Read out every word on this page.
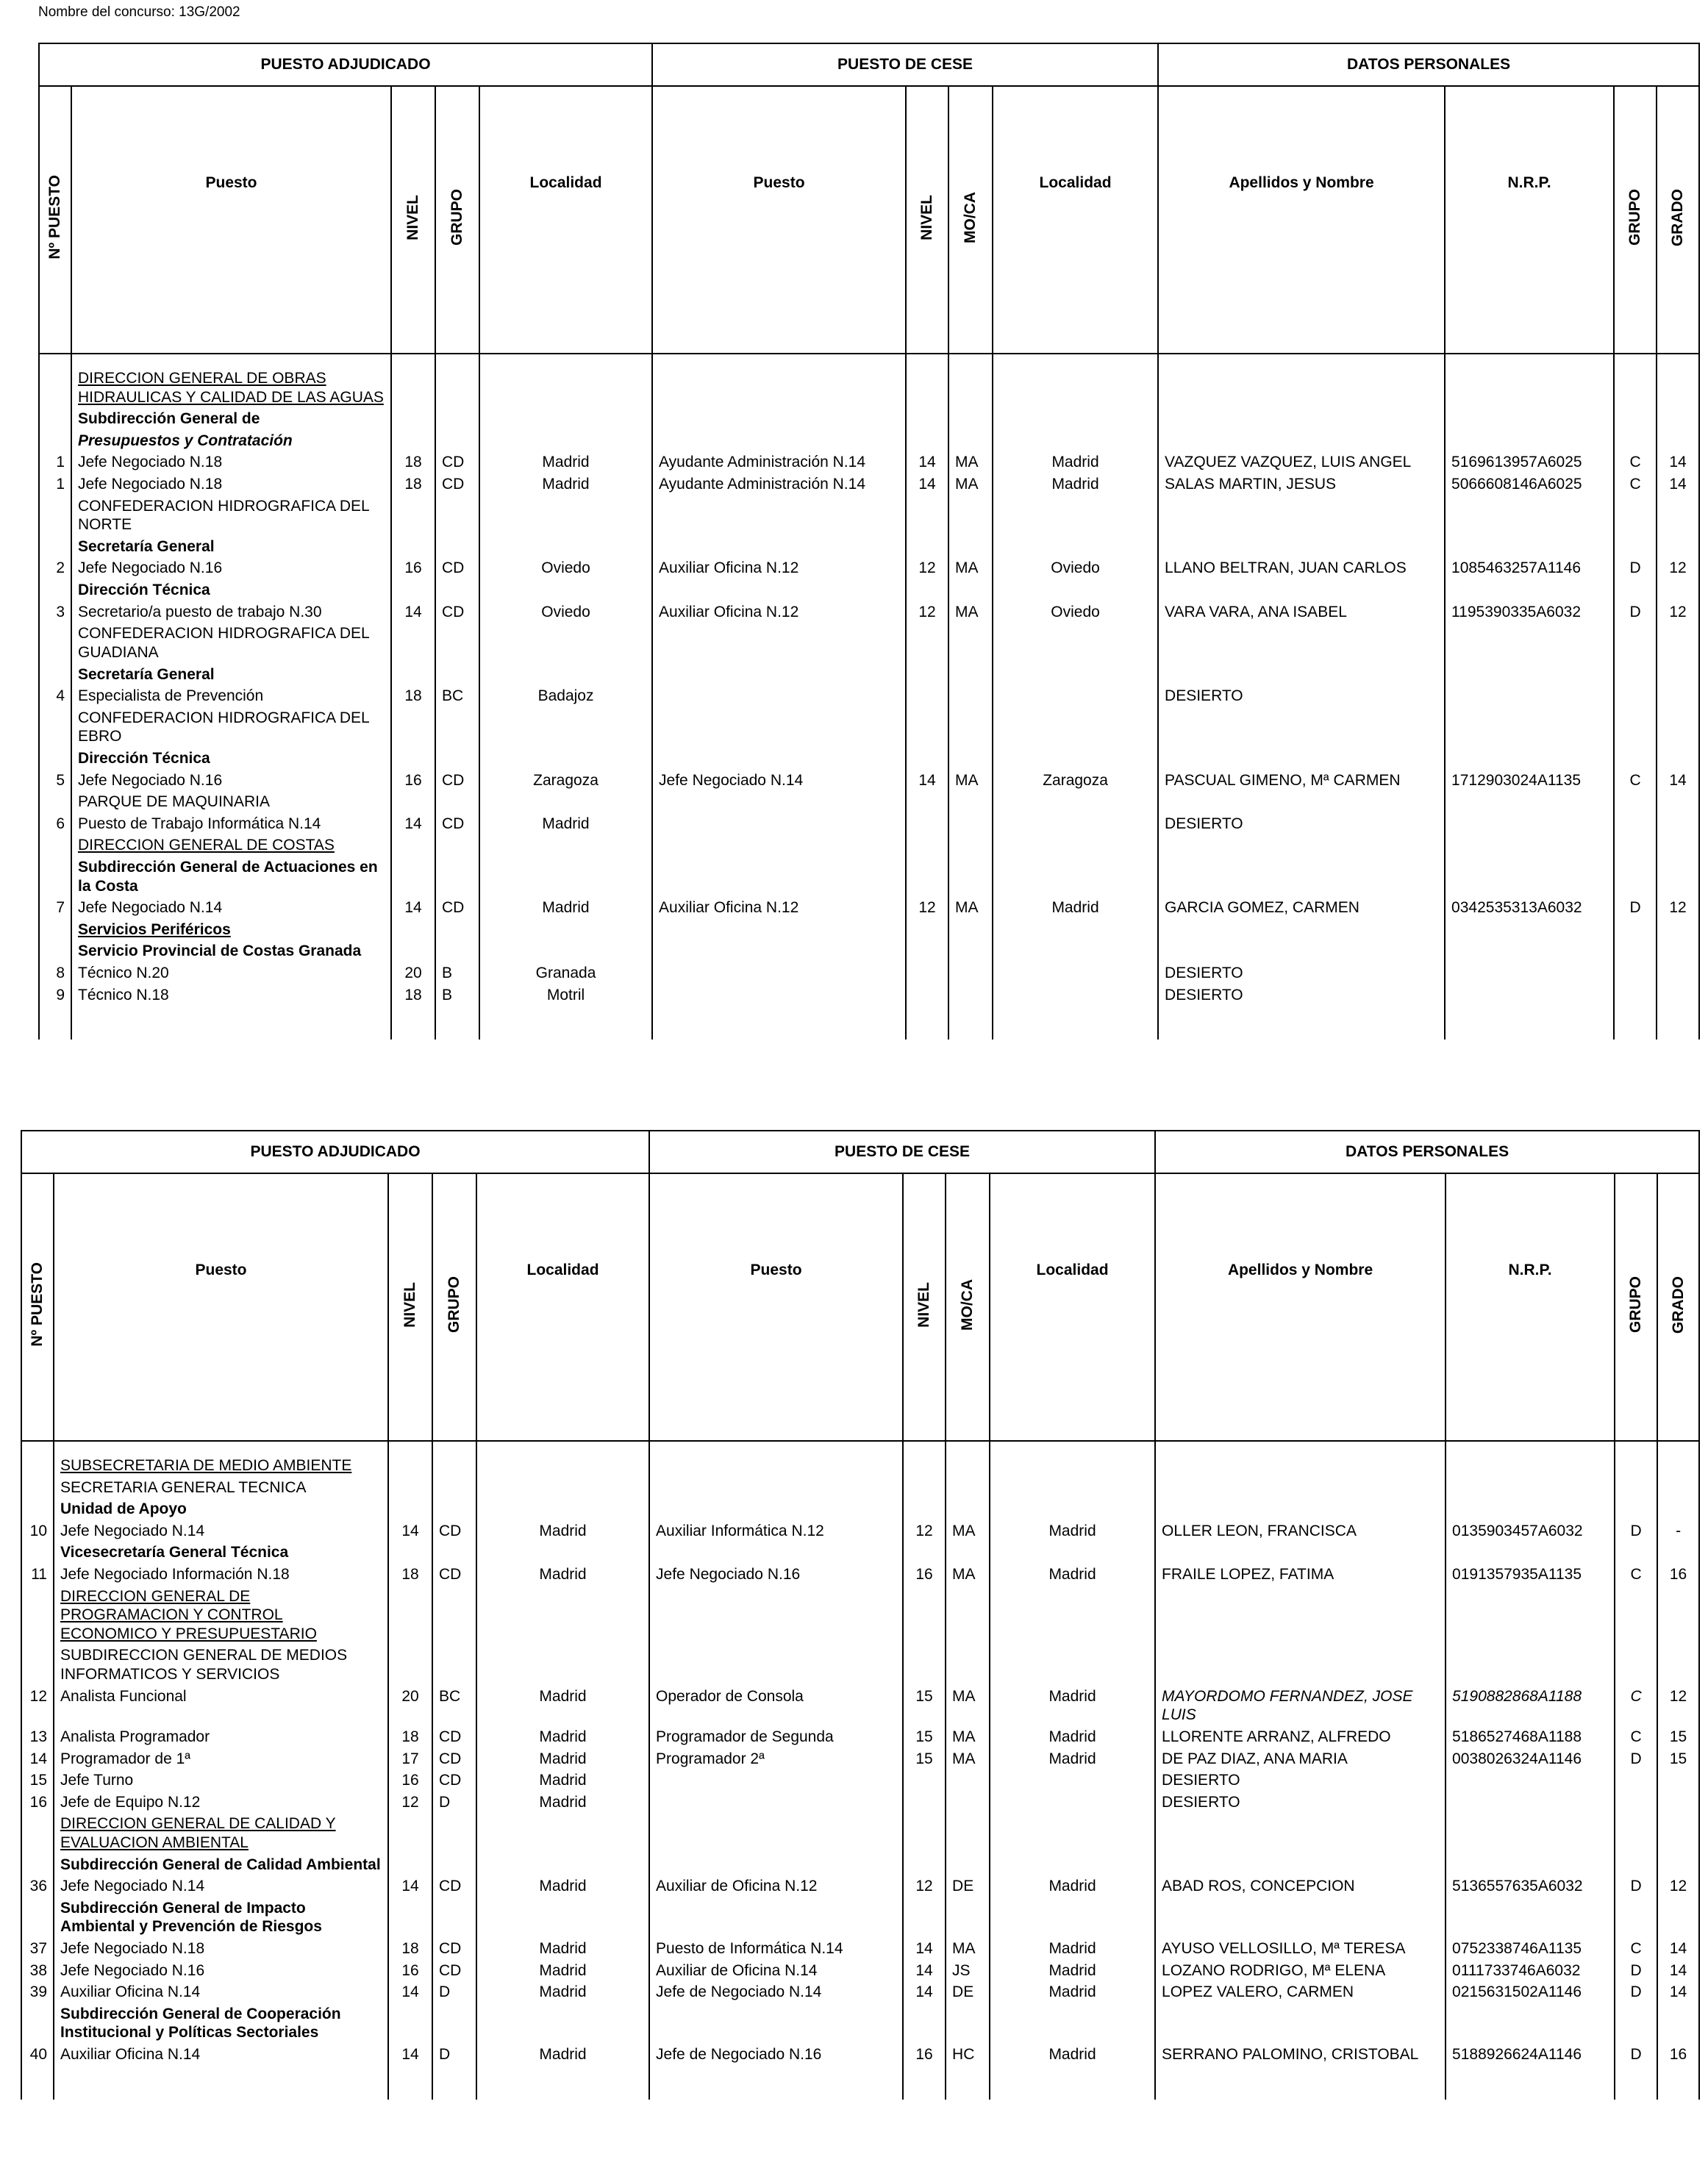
Nombre del concurso: 13G/2002
PUESTO ADJUDICADO					PUESTO DE CESE				DATOS PERSONALES			
Nº PUESTO	Puesto	NIVEL	GRUPO	Localidad	Puesto	NIVEL	MO/CA	Localidad	Apellidos y Nombre	N.R.P.	GRUPO	GRADO

	DIRECCION GENERAL DE OBRAS HIDRAULICAS Y CALIDAD DE LAS AGUAS											
	Subdirección General de											
	Presupuestos y Contratación											
1	Jefe Negociado N.18	18	CD	Madrid	Ayudante Administración N.14	14	MA	Madrid	VAZQUEZ VAZQUEZ, LUIS ANGEL	5169613957A6025	C	14
1	Jefe Negociado N.18	18	CD	Madrid	Ayudante Administración N.14	14	MA	Madrid	SALAS MARTIN, JESUS	5066608146A6025	C	14
	CONFEDERACION HIDROGRAFICA DEL NORTE											
	Secretaría General											
2	Jefe Negociado N.16	16	CD	Oviedo	Auxiliar Oficina N.12	12	MA	Oviedo	LLANO BELTRAN, JUAN CARLOS	1085463257A1146	D	12
	Dirección Técnica											
3	Secretario/a puesto de trabajo N.30	14	CD	Oviedo	Auxiliar Oficina N.12	12	MA	Oviedo	VARA VARA, ANA ISABEL	1195390335A6032	D	12
	CONFEDERACION HIDROGRAFICA DEL GUADIANA											
	Secretaría General											
4	Especialista de Prevención	18	BC	Badajoz					DESIERTO			
	CONFEDERACION HIDROGRAFICA DEL EBRO											
	Dirección Técnica											
5	Jefe Negociado N.16	16	CD	Zaragoza	Jefe Negociado N.14	14	MA	Zaragoza	PASCUAL GIMENO, Mª CARMEN	1712903024A1135	C	14
	PARQUE DE MAQUINARIA											
6	Puesto de Trabajo Informática N.14	14	CD	Madrid					DESIERTO			
	DIRECCION GENERAL DE COSTAS											
	Subdirección General de Actuaciones en la Costa											
7	Jefe Negociado N.14	14	CD	Madrid	Auxiliar Oficina N.12	12	MA	Madrid	GARCIA GOMEZ, CARMEN	0342535313A6032	D	12
	Servicios Periféricos											
	Servicio Provincial de Costas Granada											
8	Técnico N.20	20	B	Granada					DESIERTO			
9	Técnico N.18	18	B	Motril					DESIERTO			

PUESTO ADJUDICADO					PUESTO DE CESE				DATOS PERSONALES			
Nº PUESTO	Puesto	NIVEL	GRUPO	Localidad	Puesto	NIVEL	MO/CA	Localidad	Apellidos y Nombre	N.R.P.	GRUPO	GRADO

	SUBSECRETARIA DE MEDIO AMBIENTE											
	SECRETARIA GENERAL TECNICA											
	Unidad de Apoyo											
10	Jefe Negociado N.14	14	CD	Madrid	Auxiliar Informática N.12	12	MA	Madrid	OLLER LEON, FRANCISCA	0135903457A6032	D	-
	Vicesecretaría General Técnica											
11	Jefe Negociado Información N.18	18	CD	Madrid	Jefe Negociado N.16	16	MA	Madrid	FRAILE LOPEZ, FATIMA	0191357935A1135	C	16
	DIRECCION GENERAL DE PROGRAMACION Y CONTROL ECONOMICO Y PRESUPUESTARIO											
	SUBDIRECCION GENERAL DE MEDIOS INFORMATICOS Y SERVICIOS											
12	Analista Funcional	20	BC	Madrid	Operador de Consola	15	MA	Madrid	MAYORDOMO FERNANDEZ, JOSE LUIS	5190882868A1188	C	12
13	Analista Programador	18	CD	Madrid	Programador de Segunda	15	MA	Madrid	LLORENTE ARRANZ, ALFREDO	5186527468A1188	C	15
14	Programador de 1ª	17	CD	Madrid	Programador 2ª	15	MA	Madrid	DE PAZ DIAZ, ANA MARIA	0038026324A1146	D	15
15	Jefe Turno	16	CD	Madrid					DESIERTO			
16	Jefe de Equipo N.12	12	D	Madrid					DESIERTO			
	DIRECCION GENERAL DE CALIDAD Y EVALUACION AMBIENTAL											
	Subdirección General de Calidad Ambiental											
36	Jefe Negociado N.14	14	CD	Madrid	Auxiliar de Oficina N.12	12	DE	Madrid	ABAD ROS, CONCEPCION	5136557635A6032	D	12
	Subdirección General de Impacto Ambiental y Prevención de Riesgos											
37	Jefe Negociado N.18	18	CD	Madrid	Puesto de Informática N.14	14	MA	Madrid	AYUSO VELLOSILLO, Mª TERESA	0752338746A1135	C	14
38	Jefe Negociado N.16	16	CD	Madrid	Auxiliar de Oficina N.14	14	JS	Madrid	LOZANO RODRIGO, Mª ELENA	0111733746A6032	D	14
39	Auxiliar Oficina N.14	14	D	Madrid	Jefe de Negociado N.14	14	DE	Madrid	LOPEZ VALERO, CARMEN	0215631502A1146	D	14
	Subdirección General de Cooperación Institucional y Políticas Sectoriales											
40	Auxiliar Oficina N.14	14	D	Madrid	Jefe de Negociado N.16	16	HC	Madrid	SERRANO PALOMINO, CRISTOBAL	5188926624A1146	D	16
